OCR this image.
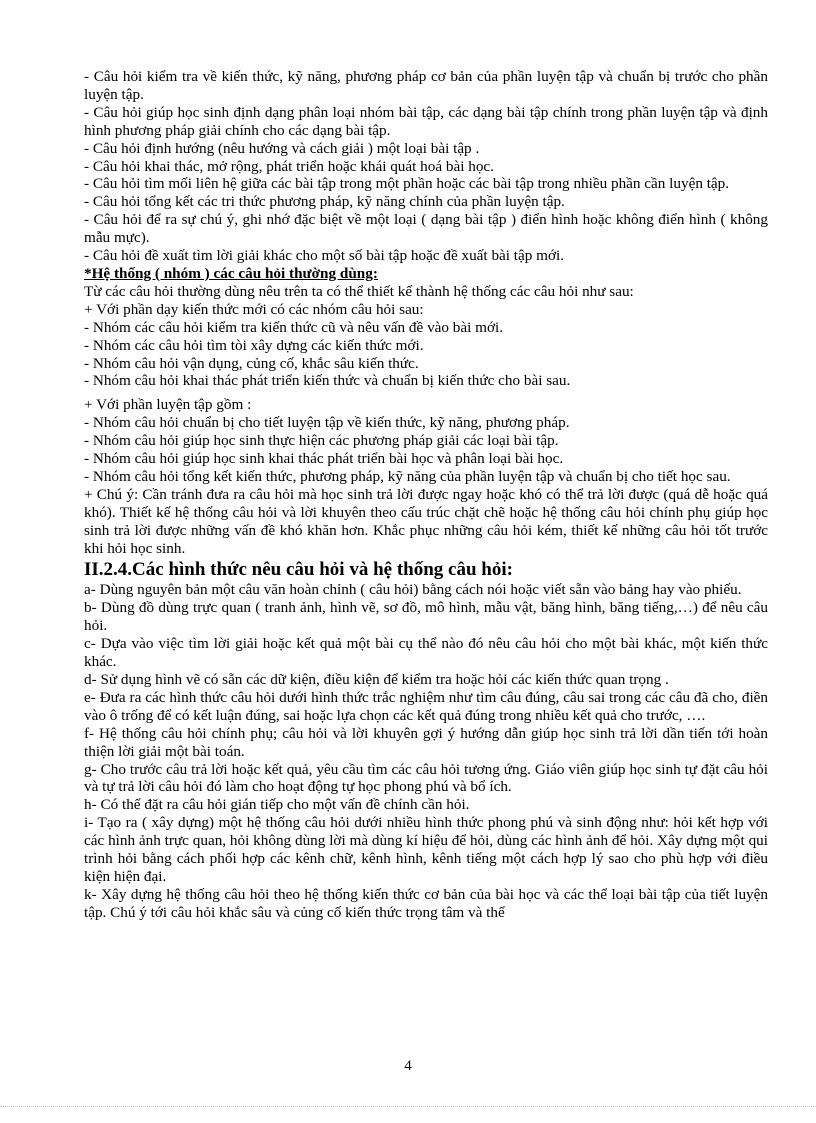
- Câu hỏi kiểm tra về kiến thức, kỹ năng, phương pháp cơ bản của phần luyện tập và chuẩn bị trước cho phần luyện tập.

- Câu hỏi giúp học sinh định dạng phân loại nhóm bài tập, các dạng bài tập chính trong phần luyện tập và định hình phương pháp giải chính cho các dạng bài tập.

- Câu hỏi định hướng (nêu hướng và cách giải ) một loại bài tập .

- Câu hỏi khai thác, mở rộng, phát triển hoặc khái quát hoá bài học.

- Câu hỏi tìm mối liên hệ giữa các bài tập trong một phần hoặc các bài tập trong nhiều phần cần luyện tập.

- Câu hỏi tổng kết các tri thức phương pháp, kỹ năng chính của phần luyện tập.

- Câu hỏi để ra sự chú ý, ghi nhớ đặc biệt về một loại ( dạng bài tập ) điển hình hoặc không điển hình ( không mẫu mực).

- Câu hỏi đề xuất tìm lời giải khác cho một số bài tập hoặc đề xuất bài tập mới.

*Hệ thống ( nhóm ) các câu hỏi thường dùng:

Từ các câu hỏi thường dùng nêu trên ta có thể thiết kế thành hệ thống các câu hỏi như sau:

+ Với phần dạy kiến thức mới có các nhóm câu hỏi sau:

- Nhóm các câu hỏi kiểm tra kiến thức cũ và nêu vấn đề vào bài mới.

- Nhóm các câu hỏi tìm tòi xây dựng các kiến thức mới.

- Nhóm câu hỏi vận dụng, củng cố, khắc sâu kiến thức.

- Nhóm câu hỏi khai thác phát triển kiến thức và chuẩn bị kiến thức cho bài sau.

+ Với phần luyện tập gồm :

- Nhóm câu hỏi chuẩn bị cho tiết luyện tập về kiến thức, kỹ năng, phương pháp.

- Nhóm câu hỏi giúp học sinh thực hiện các phương pháp giải các loại bài tập.

- Nhóm câu hỏi giúp học sinh khai thác phát triển bài học và phân loại bài học.

- Nhóm câu hỏi tổng kết kiến thức, phương pháp, kỹ năng của phần luyện tập và chuẩn bị cho tiết học sau.

+ Chú ý: Cần tránh đưa ra câu hỏi mà học sinh trả lời được ngay hoặc khó có thể trả lời được (quá dễ hoặc quá khó). Thiết kế hệ thống câu hỏi và lời khuyên theo cấu trúc chặt chẽ hoặc hệ thống câu hỏi chính phụ giúp học sinh trả lời được những vấn đề khó khăn hơn. Khắc phục những câu hỏi kém, thiết kế những câu hỏi tốt trước khi hỏi học sinh.

II.2.4.Các hình thức nêu câu hỏi và hệ thống câu hỏi:

a- Dùng nguyên bản một câu văn hoàn chỉnh ( câu hỏi) bằng cách nói hoặc viết sẵn vào bảng hay vào phiếu.

b- Dùng đồ dùng trực quan ( tranh ảnh, hình vẽ, sơ đồ, mô hình, mẫu vật, băng hình, băng tiếng,…) để nêu câu hỏi.

c- Dựa vào việc tìm lời giải hoặc kết quả một bài cụ thể nào đó nêu câu hỏi cho một bài khác, một kiến thức khác.

d- Sử dụng hình vẽ có sẵn các dữ kiện, điều kiện để kiểm tra hoặc hỏi các kiến thức quan trọng .

e- Đưa ra các hình thức câu hỏi dưới hình thức trắc nghiệm như tìm câu đúng, câu sai trong các câu đã cho, điền vào ô trống để có kết luận đúng, sai hoặc lựa chọn các kết quả đúng trong nhiều kết quả cho trước, ….

f- Hệ thống câu hỏi chính phụ; câu hỏi và lời khuyên gợi ý hướng dẫn giúp học sinh trả lời dần tiến tới hoàn thiện lời giải một bài toán.

g- Cho trước câu trả lời hoặc kết quả, yêu cầu tìm các câu hỏi tương ứng. Giáo viên giúp học sinh tự đặt câu hỏi và tự trả lời câu hỏi đó làm cho hoạt động tự học phong phú và bổ ích.

h- Có thể đặt ra câu hỏi gián tiếp cho một vấn đề chính cần hỏi.

i- Tạo ra ( xây dựng) một hệ thống câu hỏi dưới nhiều hình thức phong phú và sinh động như: hỏi kết hợp với các hình ảnh trực quan, hỏi không dùng lời mà dùng kí hiệu để hỏi, dùng các hình ảnh để hỏi. Xây dựng một qui trình hỏi bằng cách phối hợp các kênh chữ, kênh hình, kênh tiếng một cách hợp lý sao cho phù hợp với điều kiện hiện đại.

k- Xây dựng hệ thống câu hỏi theo hệ thống kiến thức cơ bản của bài học và các thể loại bài tập của tiết luyện tập. Chú ý tới câu hỏi khắc sâu và củng cố kiến thức trọng tâm và thể

4
